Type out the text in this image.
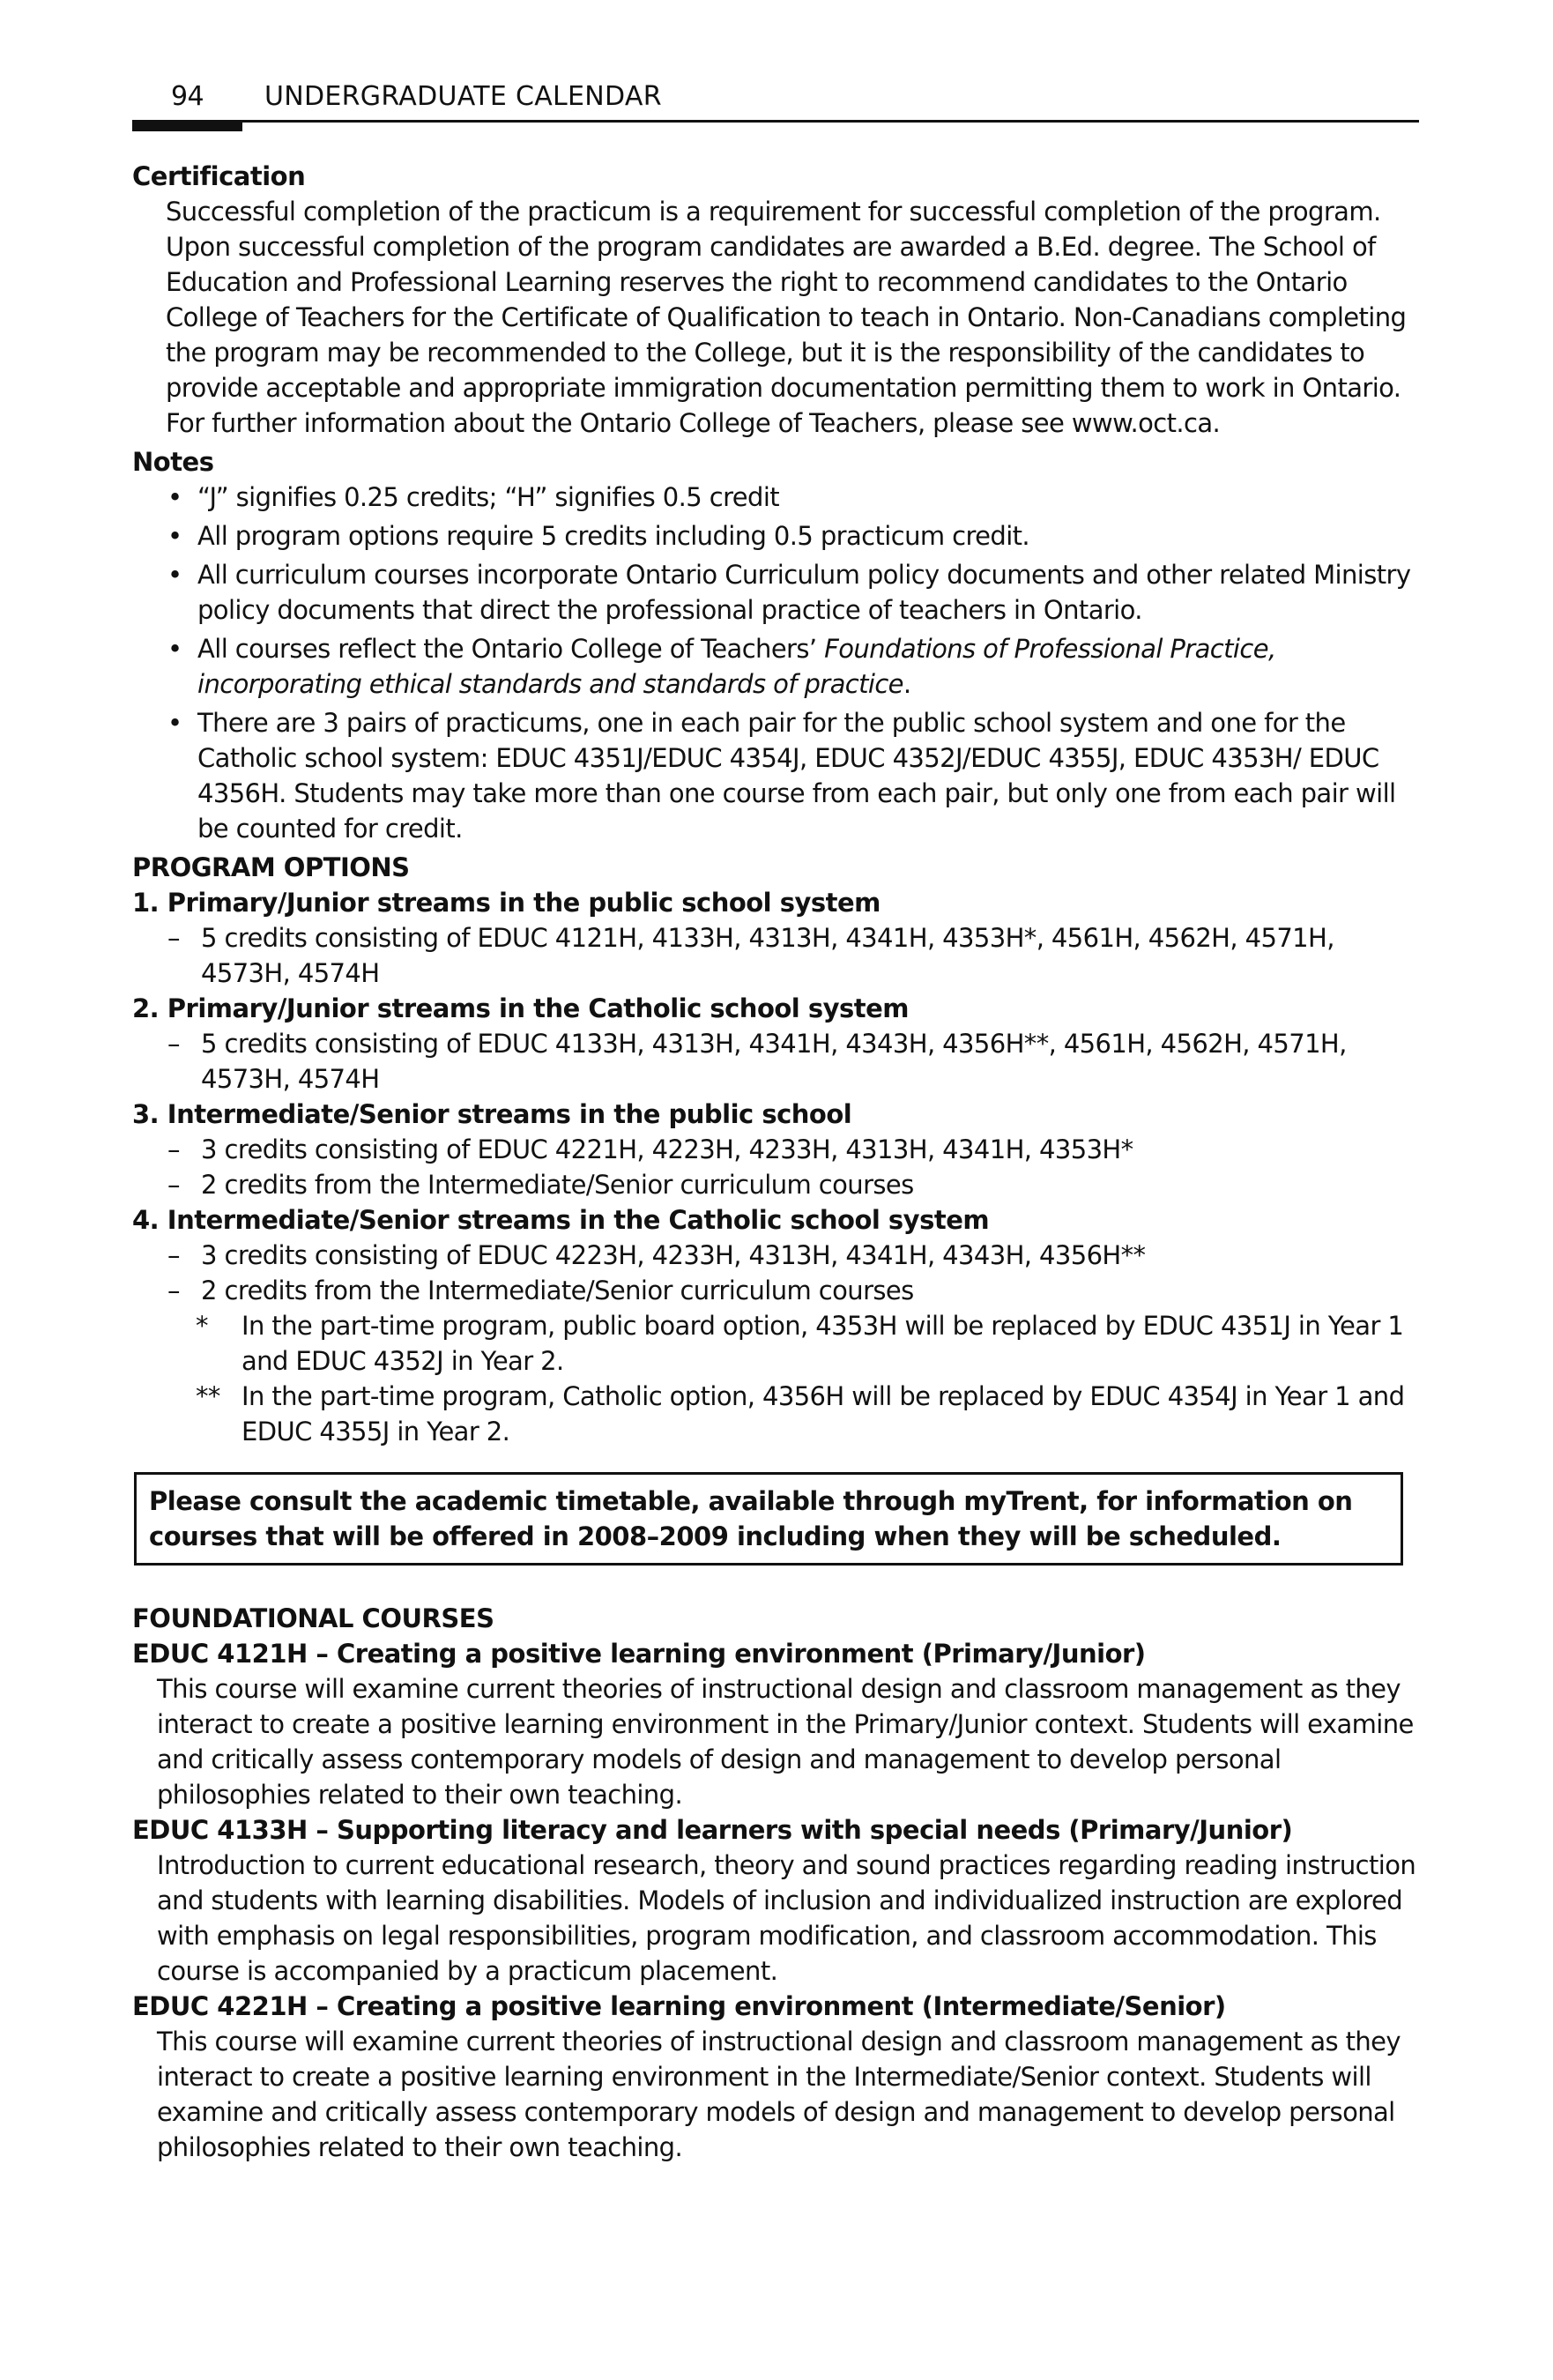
94 UNDERGRADUATE CALENDAR

Certification

Successful completion of the practicum is a requirement for successful completion of the program. Upon successful completion of the program candidates are awarded a B.Ed. degree. The School of Education and Professional Learning reserves the right to recommend candidates to the Ontario College of Teachers for the Certificate of Qualification to teach in Ontario. Non-Canadians completing the program may be recommended to the College, but it is the responsibility of the candidates to provide acceptable and appropriate immigration documentation permitting them to work in Ontario. For further information about the Ontario College of Teachers, please see www.oct.ca.

Notes

• “J” signifies 0.25 credits; “H” signifies 0.5 credit
• All program options require 5 credits including 0.5 practicum credit.
• All curriculum courses incorporate Ontario Curriculum policy documents and other related Ministry policy documents that direct the professional practice of teachers in Ontario.
• All courses reflect the Ontario College of Teachers’ Foundations of Professional Practice, incorporating ethical standards and standards of practice.
• There are 3 pairs of practicums, one in each pair for the public school system and one for the Catholic school system: EDUC 4351J/EDUC 4354J, EDUC 4352J/EDUC 4355J, EDUC 4353H/ EDUC 4356H. Students may take more than one course from each pair, but only one from each pair will be counted for credit.

PROGRAM OPTIONS

1. Primary/Junior streams in the public school system

– 5 credits consisting of EDUC 4121H, 4133H, 4313H, 4341H, 4353H*, 4561H, 4562H, 4571H, 4573H, 4574H

2. Primary/Junior streams in the Catholic school system

– 5 credits consisting of EDUC 4133H, 4313H, 4341H, 4343H, 4356H**, 4561H, 4562H, 4571H, 4573H, 4574H

3. Intermediate/Senior streams in the public school

– 3 credits consisting of EDUC 4221H, 4223H, 4233H, 4313H, 4341H, 4353H*
– 2 credits from the Intermediate/Senior curriculum courses

4. Intermediate/Senior streams in the Catholic school system

– 3 credits consisting of EDUC 4223H, 4233H, 4313H, 4341H, 4343H, 4356H**
– 2 credits from the Intermediate/Senior curriculum courses
* In the part-time program, public board option, 4353H will be replaced by EDUC 4351J in Year 1 and EDUC 4352J in Year 2.
** In the part-time program, Catholic option, 4356H will be replaced by EDUC 4354J in Year 1 and EDUC 4355J in Year 2.
Please consult the academic timetable, available through myTrent, for information on courses that will be offered in 2008–2009 including when they will be scheduled.

FOUNDATIONAL COURSES

EDUC 4121H – Creating a positive learning environment (Primary/Junior)

This course will examine current theories of instructional design and classroom management as they interact to create a positive learning environment in the Primary/Junior context. Students will examine and critically assess contemporary models of design and management to develop personal philosophies related to their own teaching.

EDUC 4133H – Supporting literacy and learners with special needs (Primary/Junior)

Introduction to current educational research, theory and sound practices regarding reading instruction and students with learning disabilities. Models of inclusion and individualized instruction are explored with emphasis on legal responsibilities, program modification, and classroom accommodation. This course is accompanied by a practicum placement.

EDUC 4221H – Creating a positive learning environment (Intermediate/Senior)

This course will examine current theories of instructional design and classroom management as they interact to create a positive learning environment in the Intermediate/Senior context. Students will examine and critically assess contemporary models of design and management to develop personal philosophies related to their own teaching.
